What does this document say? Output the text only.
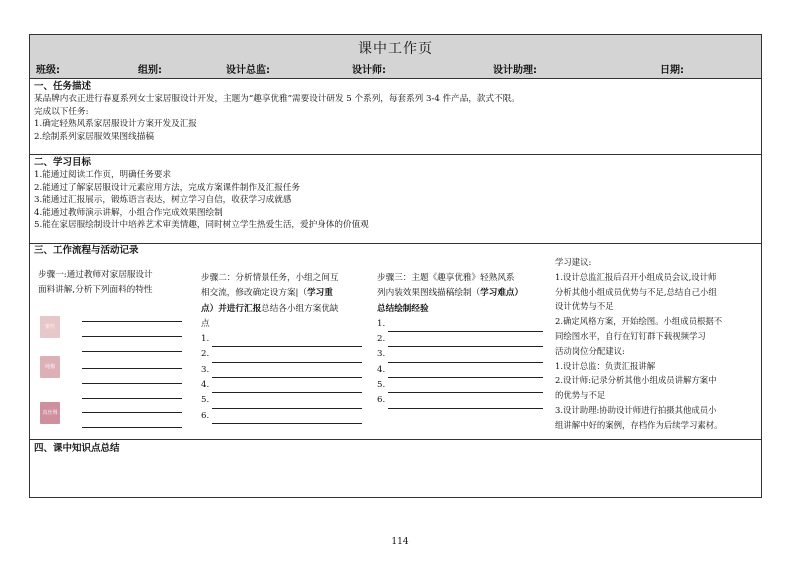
课中工作页
班级:	组别:	设计总监:	设计师:	设计助理:	日期:
一、任务描述
某品牌内衣正进行春夏系列女士家居服设计开发，主题为“趣享优雅”需要设计研发 5 个系列，每套系列 3-4 件产品，款式不限。
完成以下任务:
1.确定轻熟风系家居服设计方案开发及汇报
2.绘制系列家居服效果图线描稿
二、学习目标
1.能通过阅读工作页，明确任务要求
2.能通过了解家居服设计元素应用方法，完成方案课件制作及汇报任务
3.能通过汇报展示，锻炼语言表达，树立学习自信，收获学习成就感
4.能通过教师演示讲解，小组合作完成效果图绘制
5.能在家居服绘制设计中培养艺术审美情趣，同时树立学生热爱生活，爱护身体的价值观
三、工作流程与活动记录
步骤一:通过教师对家居服设计
面料讲解,分析下列面料的特性
蕾丝
纯棉
真丝绸
步骤二：分析情景任务，小组之间互
相交流，修改确定设方案|（学习重
点）并进行汇报总结各小组方案优缺
点
1.
2.
3.
4.
5.
6.
步骤三：主题《趣享优雅》轻熟风系
列内装效果图线描稿绘制（学习难点）
总结绘制经验
1.
2.
3.
4.
5.
6.
学习建议:
1.设计总监汇报后召开小组成员会议,设计师
分析其他小组成员优势与不足,总结自己小组
设计优势与不足
2.确定风格方案，开始绘图。小组成员根据不
同绘图水平，自行在钉钉群下载视频学习
活动岗位分配建议:
1.设计总监：负责汇报讲解
2.设计师:记录分析其他小组成员讲解方案中
的优势与不足
3.设计助理:协助设计师进行拍摄其他成员小
组讲解中好的案例，存档作为后续学习素材。
四、课中知识点总结
114
